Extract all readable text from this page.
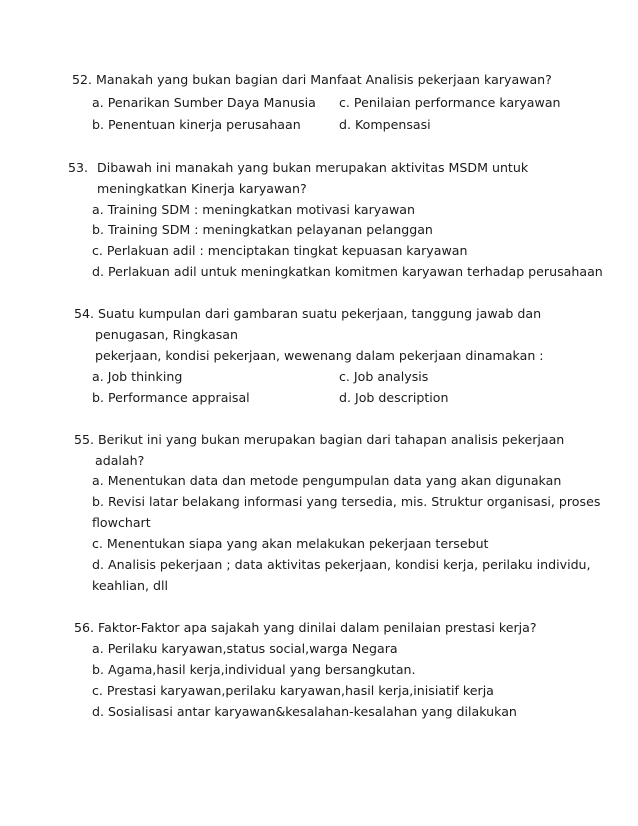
52. Manakah yang bukan bagian dari Manfaat Analisis pekerjaan karyawan?
a. Penarikan Sumber Daya Manusia c. Penilaian performance karyawan
b. Penentuan kinerja perusahaan	d. Kompensasi
53. Dibawah ini manakah yang bukan merupakan aktivitas MSDM untuk
meningkatkan Kinerja karyawan?
a. Training SDM : meningkatkan motivasi karyawan
b. Training SDM : meningkatkan pelayanan pelanggan
c. Perlakuan adil : menciptakan tingkat kepuasan karyawan
d. Perlakuan adil untuk meningkatkan komitmen karyawan terhadap perusahaan
54. Suatu kumpulan dari gambaran suatu pekerjaan, tanggung jawab dan
penugasan, Ringkasan
pekerjaan, kondisi pekerjaan, wewenang dalam pekerjaan dinamakan :
a. Job thinking	c. Job analysis
b. Performance appraisal	d. Job description
55. Berikut ini yang bukan merupakan bagian dari tahapan analisis pekerjaan
adalah?
a. Menentukan data dan metode pengumpulan data yang akan digunakan
b. Revisi latar belakang informasi yang tersedia, mis. Struktur organisasi, proses
flowchart
c. Menentukan siapa yang akan melakukan pekerjaan tersebut
d. Analisis pekerjaan ; data aktivitas pekerjaan, kondisi kerja, perilaku individu,
keahlian, dll
56. Faktor-Faktor apa sajakah yang dinilai dalam penilaian prestasi kerja?
a. Perilaku karyawan,status social,warga Negara
b. Agama,hasil kerja,individual yang bersangkutan.
c. Prestasi karyawan,perilaku karyawan,hasil kerja,inisiatif kerja
d. Sosialisasi antar karyawan&kesalahan-kesalahan yang dilakukan
